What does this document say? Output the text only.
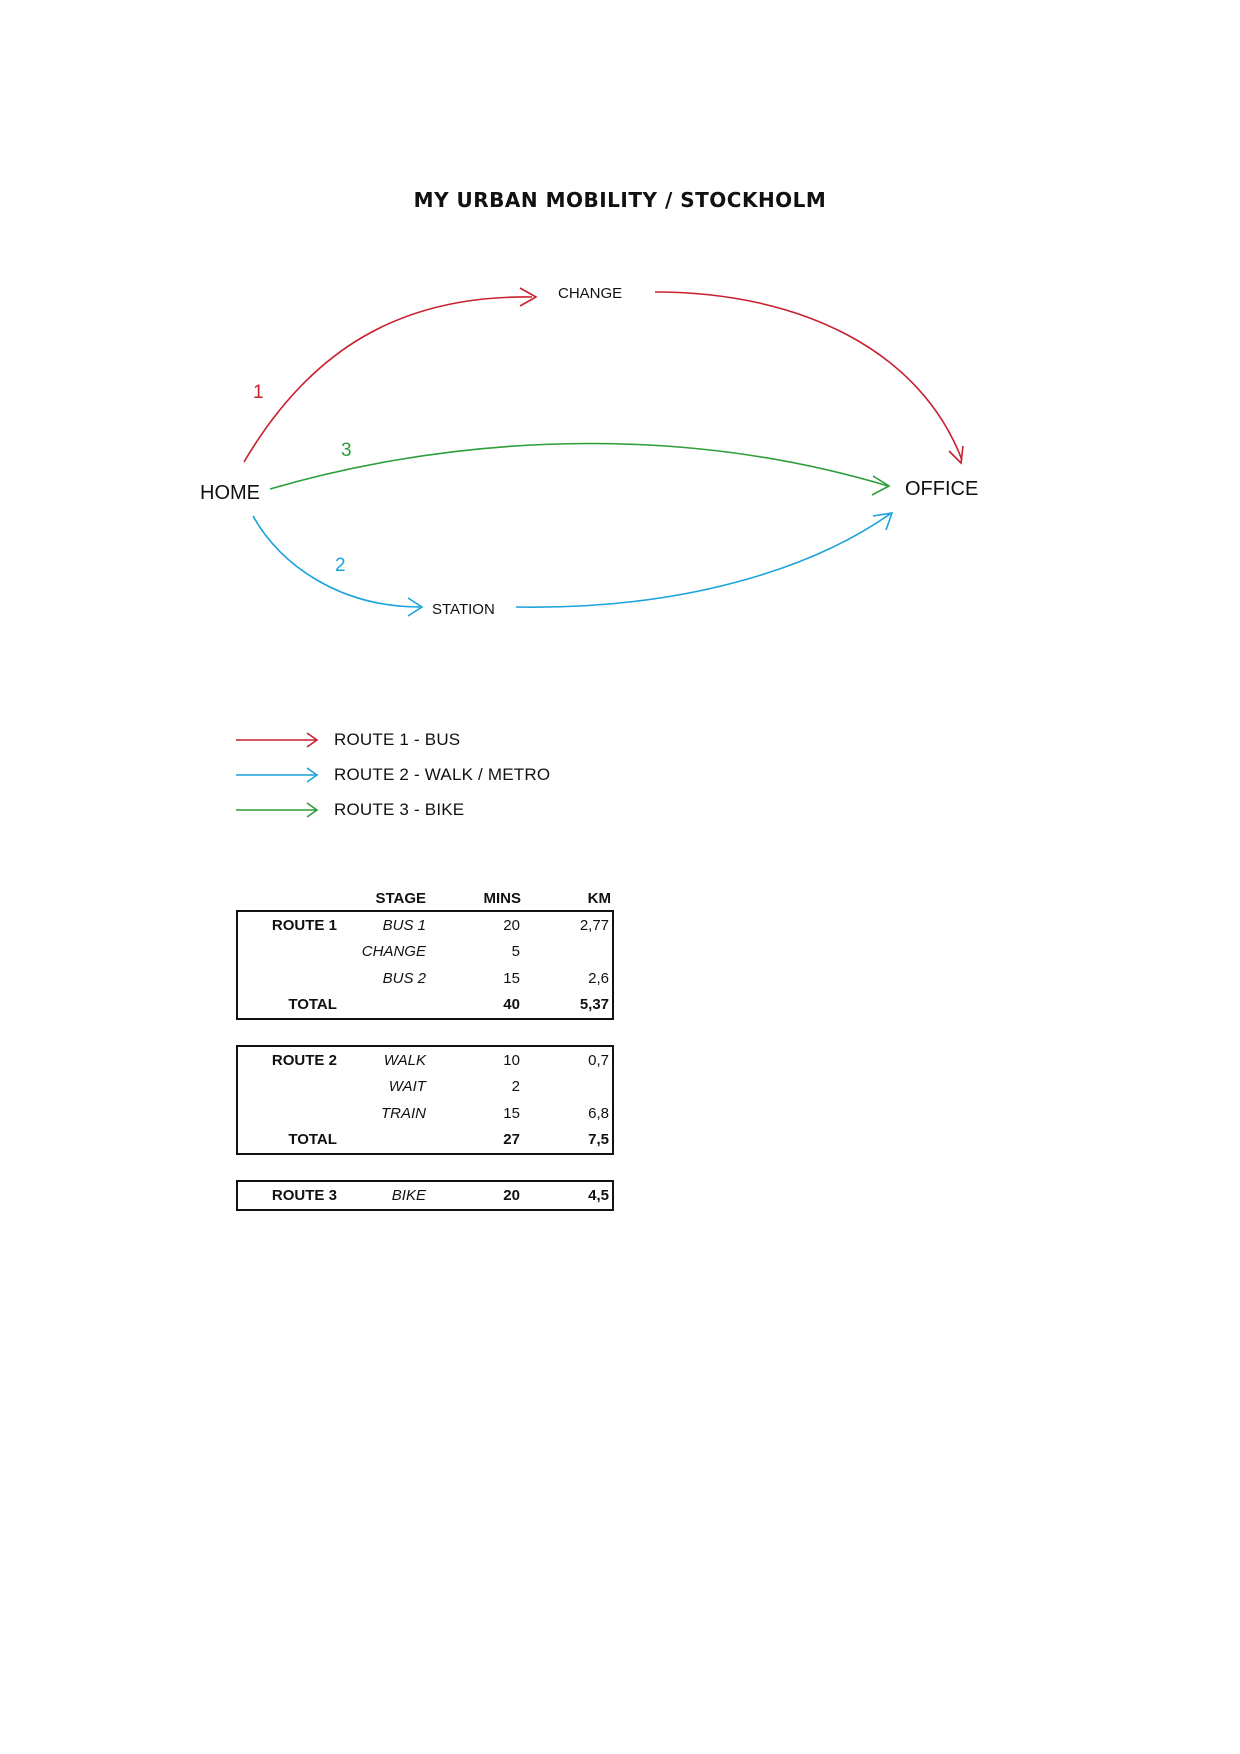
MY URBAN MOBILITY / STOCKHOLM
HOME	OFFICE
CHANGE
STATION
1
3
2
ROUTE 1 - BUS
ROUTE 2 - WALK / METRO
ROUTE 3 - BIKE
STAGE	MINS	KM
ROUTE 1	BUS 1	20	2,77
CHANGE	5
BUS 2	15	2,6
TOTAL	40	5,37
ROUTE 2	WALK	10	0,7
WAIT	2
TRAIN	15	6,8
TOTAL	27	7,5
ROUTE 3	BIKE	20	4,5
